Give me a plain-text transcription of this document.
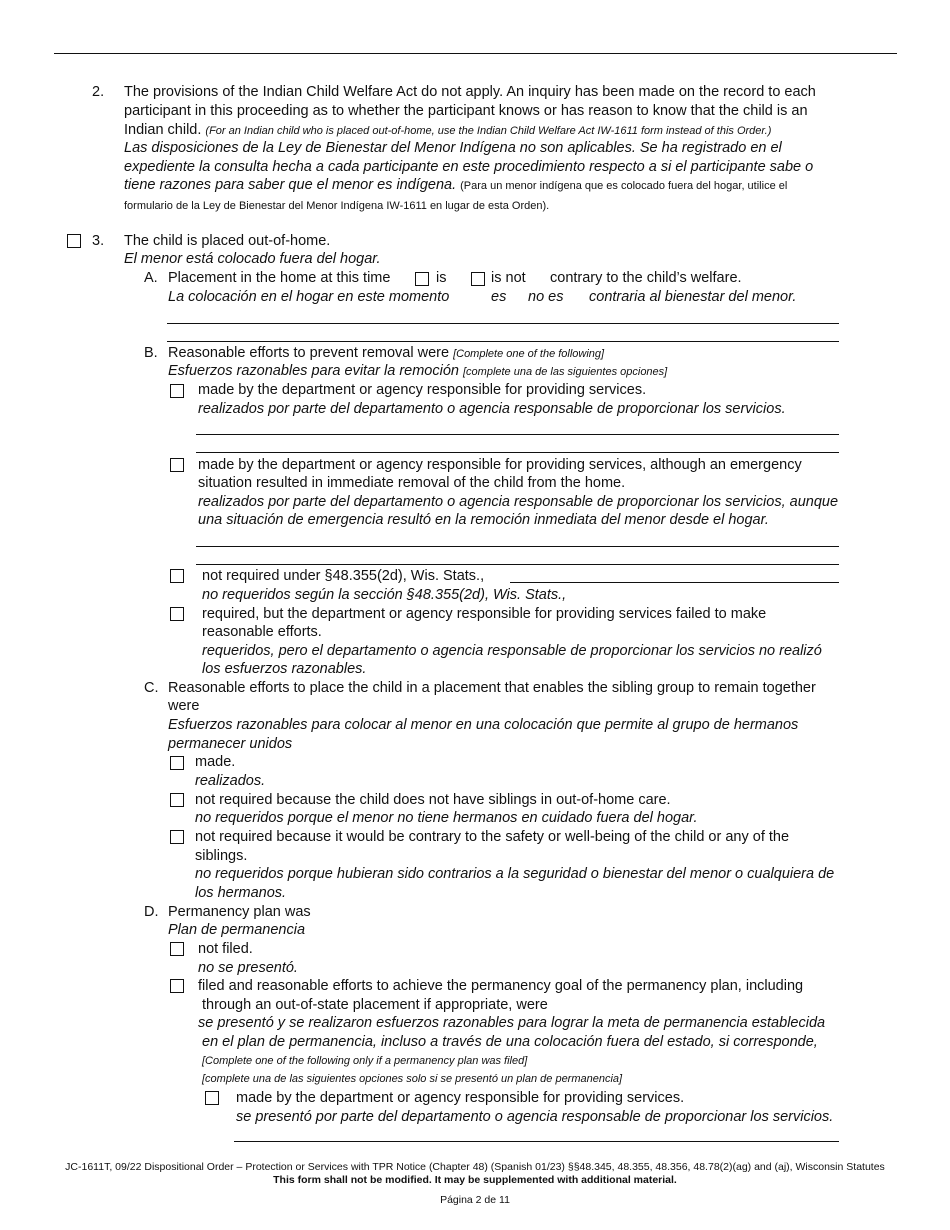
2. The provisions of the Indian Child Welfare Act do not apply. An inquiry has been made on the record to each
participant in this proceeding as to whether the participant knows or has reason to know that the child is an
Indian child. (For an Indian child who is placed out-of-home, use the Indian Child Welfare Act IW-1611 form instead of this Order.)
Las disposiciones de la Ley de Bienestar del Menor Indígena no son aplicables. Se ha registrado en el
expediente la consulta hecha a cada participante en este procedimiento respecto a si el participante sabe o
tiene razones para saber que el menor es indígena. (Para un menor indígena que es colocado fuera del hogar, utilice el
formulario de la Ley de Bienestar del Menor Indígena IW-1611 en lugar de esta Orden).
3. The child is placed out-of-home.
El menor está colocado fuera del hogar.
A. Placement in the home at this time	is	is not contrary to the child’s welfare.
La colocación en el hogar en este momento	es no es contraria al bienestar del menor.
B. Reasonable efforts to prevent removal were [Complete one of the following]
Esfuerzos razonables para evitar la remoción [complete una de las siguientes opciones]
made by the department or agency responsible for providing services.
realizados por parte del departamento o agencia responsable de proporcionar los servicios.
made by the department or agency responsible for providing services, although an emergency
situation resulted in immediate removal of the child from the home.
realizados por parte del departamento o agencia responsable de proporcionar los servicios, aunque
una situación de emergencia resultó en la remoción inmediata del menor desde el hogar.
not required under §48.355(2d), Wis. Stats.,
no requeridos según la sección §48.355(2d), Wis. Stats.,
required, but the department or agency responsible for providing services failed to make
reasonable efforts.
requeridos, pero el departamento o agencia responsable de proporcionar los servicios no realizó
los esfuerzos razonables.
C. Reasonable efforts to place the child in a placement that enables the sibling group to remain together
were
Esfuerzos razonables para colocar al menor en una colocación que permite al grupo de hermanos
permanecer unidos
made.
realizados.
not required because the child does not have siblings in out-of-home care.
no requeridos porque el menor no tiene hermanos en cuidado fuera del hogar.
not required because it would be contrary to the safety or well-being of the child or any of the
siblings.
no requeridos porque hubieran sido contrarios a la seguridad o bienestar del menor o cualquiera de
los hermanos.
D. Permanency plan was
Plan de permanencia
not filed.
no se presentó.
filed and reasonable efforts to achieve the permanency goal of the permanency plan, including
through an out-of-state placement if appropriate, were
se presentó y se realizaron esfuerzos razonables para lograr la meta de permanencia establecida
en el plan de permanencia, incluso a través de una colocación fuera del estado, si corresponde,
[Complete one of the following only if a permanency plan was filed]
[complete una de las siguientes opciones solo si se presentó un plan de permanencia]
made by the department or agency responsible for providing services.
se presentó por parte del departamento o agencia responsable de proporcionar los servicios.
JC-1611T, 09/22 Dispositional Order – Protection or Services with TPR Notice (Chapter 48) (Spanish 01/23) §§48.345, 48.355, 48.356, 48.78(2)(ag) and (aj), Wisconsin Statutes
This form shall not be modified. It may be supplemented with additional material.
Página 2 de 11
